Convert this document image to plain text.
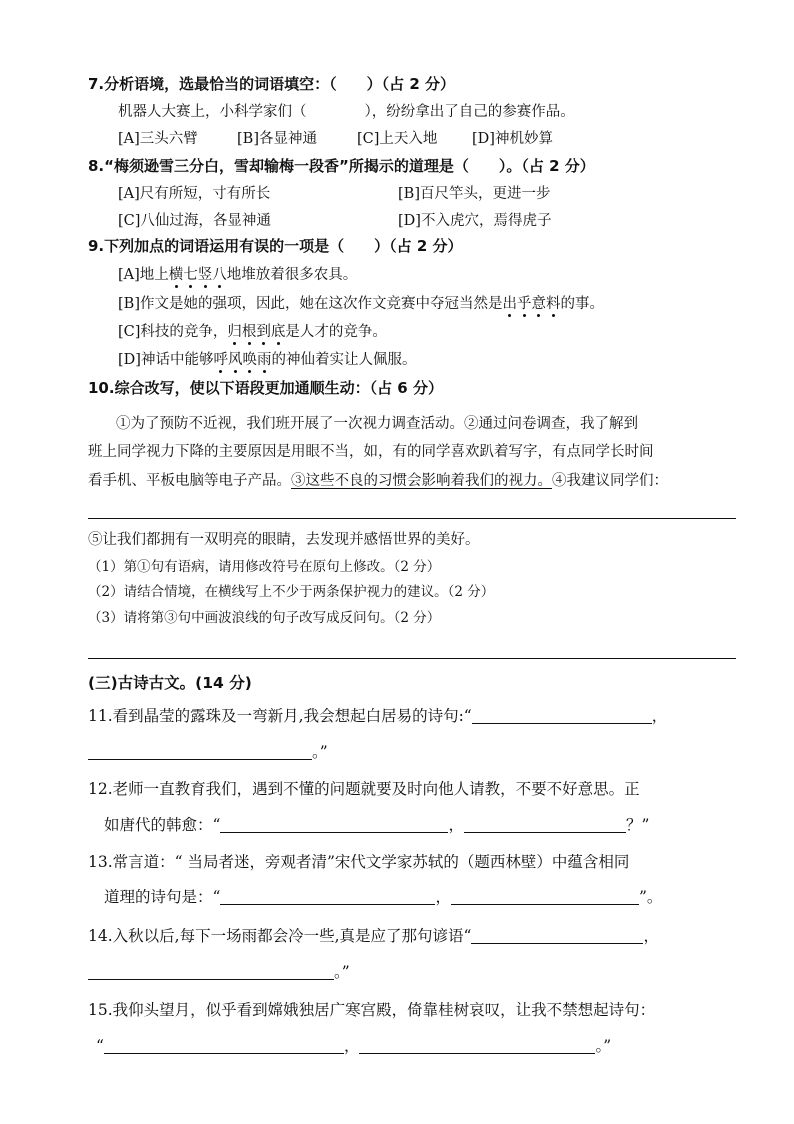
7.分析语境，选最恰当的词语填空：（　　）（占 2 分）
机器人大赛上，小科学家们（　　　　），纷纷拿出了自己的参赛作品。
[A]三头六臂	[B]各显神通	[C]上天入地 [D]神机妙算
8.“梅须逊雪三分白，雪却输梅一段香”所揭示的道理是（　　）。（占 2 分）
[A]尺有所短，寸有所长	[B]百尺竿头，更进一步
[C]八仙过海，各显神通	[D]不入虎穴，焉得虎子
9.下列加点的词语运用有误的一项是（　　）（占 2 分）
[A]地上横七竖八地堆放着很多农具。
[B]作文是她的强项，因此，她在这次作文竞赛中夺冠当然是出乎意料的事。
[C]科技的竞争，归根到底是人才的竞争。
[D]神话中能够呼风唤雨的神仙着实让人佩服。
10.综合改写，使以下语段更加通顺生动：（占 6 分）
①为了预防不近视，我们班开展了一次视力调查活动。②通过问卷调查，我了解到
班上同学视力下降的主要原因是用眼不当，如，有的同学喜欢趴着写字，有点同学长时间
看手机、平板电脑等电子产品。③这些不良的习惯会影响着我们的视力。④我建议同学们：
⑤让我们都拥有一双明亮的眼睛，去发现并感悟世界的美好。
（1）第①句有语病，请用修改符号在原句上修改。（2 分）
（2）请结合情境，在横线写上不少于两条保护视力的建议。（2 分）
（3）请将第③句中画波浪线的句子改写成反问句。（2 分）
(三)古诗古文。(14 分)
11.看到晶莹的露珠及一弯新月,我会想起白居易的诗句:“	，
。”
12.老师一直教育我们，遇到不懂的问题就要及时向他人请教，不要不好意思。正
如唐代的韩愈：“	，	？”
13.常言道：“ 当局者迷，旁观者清”宋代文学家苏轼的（题西林壁）中蕴含相同
道理的诗句是：“	，	”。
14.入秋以后,每下一场雨都会冷一些,真是应了那句谚语“	，
。”
15.我仰头望月，似乎看到嫦娥独居广寒宫殿，倚靠桂树哀叹，让我不禁想起诗句：
“	，	。”
